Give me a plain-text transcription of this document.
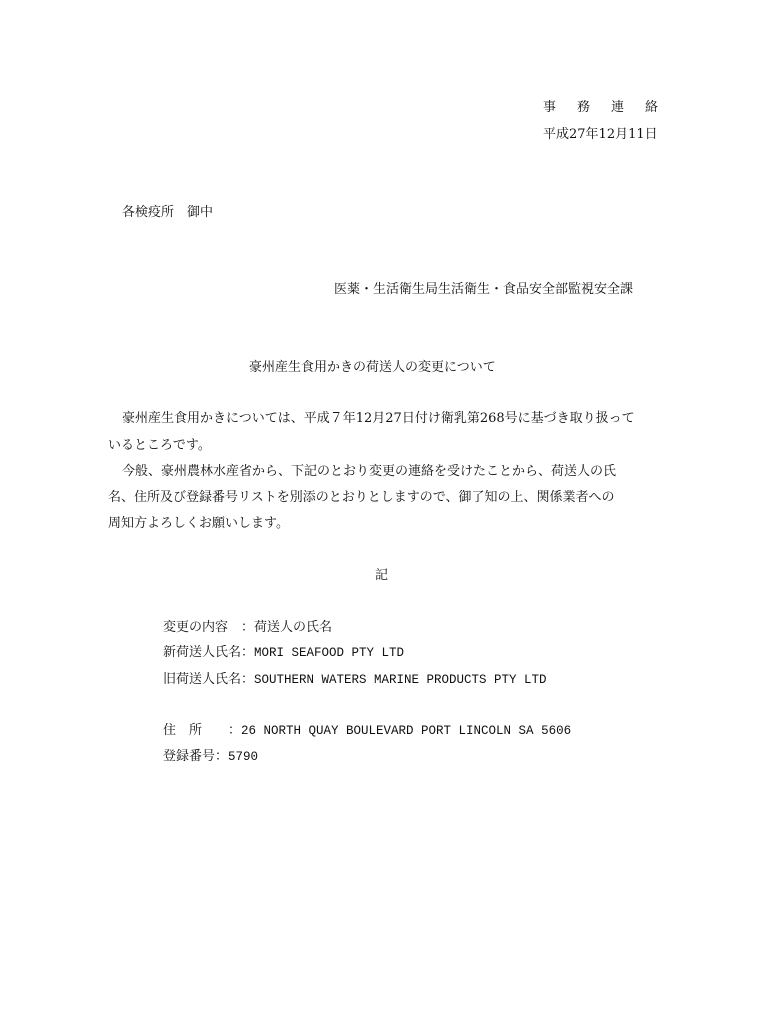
事　務　連　絡
平成27年12月11日
各検疫所　御中
医薬・生活衛生局生活衛生・食品安全部監視安全課
豪州産生食用かきの荷送人の変更について
豪州産生食用かきについては、平成７年12月27日付け衛乳第268号に基づき取り扱って
いるところです。
今般、豪州農林水産省から、下記のとおり変更の連絡を受けたことから、荷送人の氏
名、住所及び登録番号リストを別添のとおりとしますので、御了知の上、関係業者への
周知方よろしくお願いします。
記
変更の内容　：荷送人の氏名
新荷送人氏名：MORI SEAFOOD PTY LTD
旧荷送人氏名：SOUTHERN WATERS MARINE PRODUCTS PTY LTD
住　所　　：26 NORTH QUAY BOULEVARD PORT LINCOLN SA 5606
登録番号：5790
